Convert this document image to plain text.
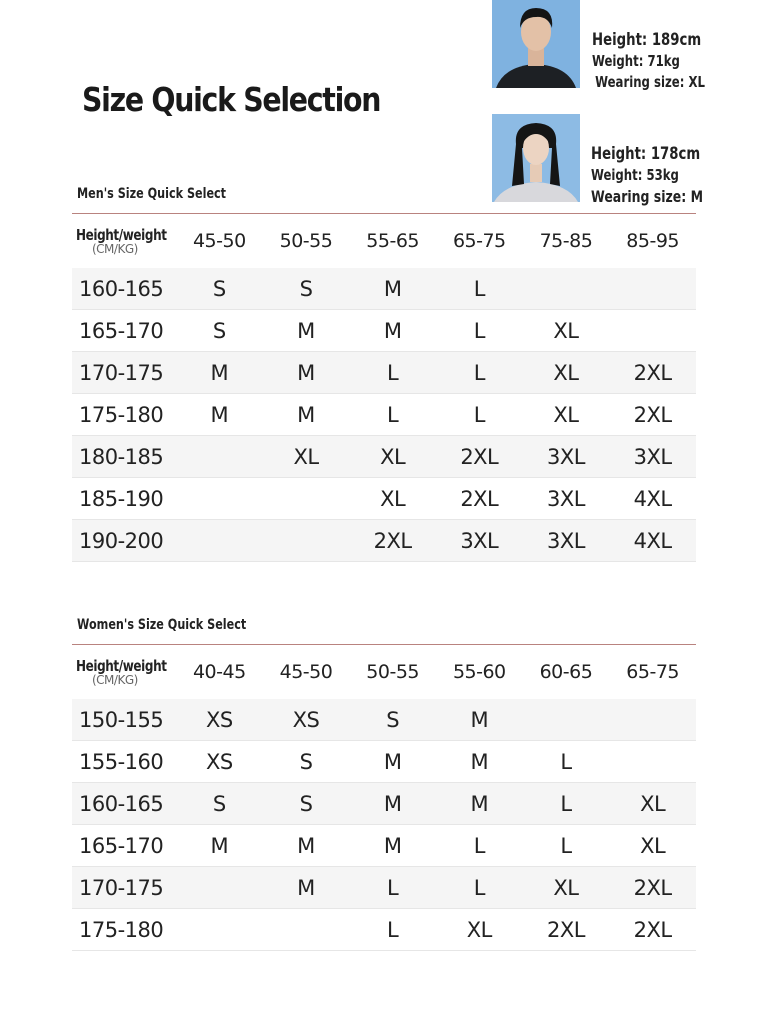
Size Quick Selection
Height: 189cm
Weight: 71kg
Wearing size: XL
Height: 178cm
Weight: 53kg
Wearing size: M
Men's Size Quick Select
Height/weight
(CM/KG)	45-50	50-55	55-65	65-75	75-85	85-95
160-165	S	S	M	L		
165-170	S	M	M	L	XL	
170-175	M	M	L	L	XL	2XL
175-180	M	M	L	L	XL	2XL
180-185		XL	XL	2XL	3XL	3XL
185-190			XL	2XL	3XL	4XL
190-200			2XL	3XL	3XL	4XL
Women's Size Quick Select
Height/weight
(CM/KG)	40-45	45-50	50-55	55-60	60-65	65-75
150-155	XS	XS	S	M		
155-160	XS	S	M	M	L	
160-165	S	S	M	M	L	XL
165-170	M	M	M	L	L	XL
170-175		M	L	L	XL	2XL
175-180			L	XL	2XL	2XL
